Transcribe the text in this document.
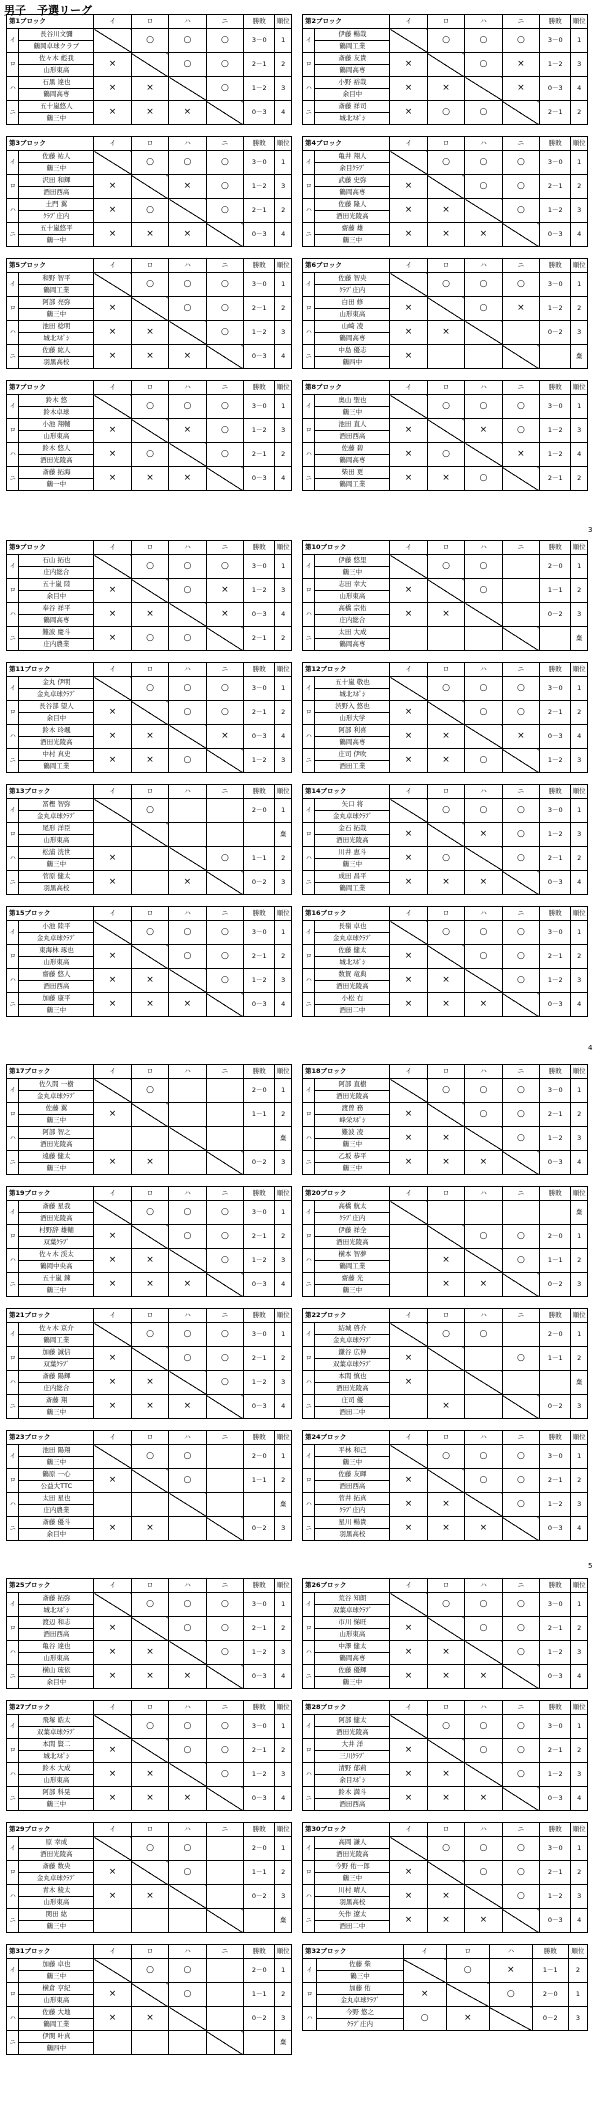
男子　予選リーグ
第1ブロック		イ	ロ	ハ	ニ	勝敗	順位
イ	長谷川文彌		○	○	○	3－0	1
	鶴岡卓球クラブ						
ロ	佐々木 彪我	×		○	○	2－1	2
	山形東高						
ハ	石黒 達也	×	×		○	1－2	3
	鶴岡高専						
ニ	五十嵐悠人	×	×	×		0－3	4
	鶴三中						
第2ブロック		イ	ロ	ハ	ニ	勝敗	順位
イ	伊藤 暢哉		○	○	○	3－0	1
	鶴岡工業						
ロ	斎藤 友貴	×		○	×	1－2	3
	鶴岡高専						
ハ	小野 裕哉	×	×		×	0－3	4
	余目中						
ニ	斎藤 祥司	×	○	○		2－1	2
	城北ｽﾎﾟｼ						
第3ブロック		イ	ロ	ハ	ニ	勝敗	順位
イ	佐藤 祐人		○	○	○	3－0	1
	鶴三中						
ロ	沢田 和輝	×		×	○	1－2	3
	酒田西高						
ハ	土門 翼	×	○		○	2－1	2
	ｸﾗﾌﾞ庄内						
ニ	五十嵐悠平	×	×	×		0－3	4
	鶴一中						
第4ブロック		イ	ロ	ハ	ニ	勝敗	順位
イ	亀井 翔人		○	○	○	3－0	1
	余目ｸﾗﾌﾞ						
ロ	武藤 史弥	×		○	○	2－1	2
	鶴岡高専						
ハ	佐藤 隆人	×	×		○	1－2	3
	酒田光陵高						
ニ	齋藤 雄	×	×	×		0－3	4
	鶴三中						
第5ブロック		イ	ロ	ハ	ニ	勝敗	順位
イ	和野 智平		○	○	○	3－0	1
	鶴岡工業						
ロ	阿部 亮弥	×		○	○	2－1	2
	鶴三中						
ハ	池田 稔明	×	×		○	1－2	3
	城北ｽﾎﾟｼ						
ニ	佐藤 紘人	×	×	×		0－3	4
	羽黒高校						
第6ブロック		イ	ロ	ハ	ニ	勝敗	順位
イ	佐藤 智央		○	○	○	3－0	1
	ｸﾗﾌﾞ庄内						
ロ	白田 修	×		○	×	1－2	2
	山形東高						
ハ	山崎 凌	×	×			0－2	3
	鶴岡高専						
ニ	中島 優志	×					棄
	鶴四中						
第7ブロック		イ	ロ	ハ	ニ	勝敗	順位
イ	鈴木 悠		○	○	○	3－0	1
	鈴木卓球						
ロ	小池 翔輔	×		×	○	1－2	3
	山形東高						
ハ	鈴木 悠人	×	○		○	2－1	2
	酒田光陵高						
ニ	斎藤 拓海	×	×	×		0－3	4
	鶴一中						
第8ブロック		イ	ロ	ハ	ニ	勝敗	順位
イ	奥山 聖也		○	○	○	3－0	1
	鶴三中						
ロ	池田 直人	×		×	○	1－2	3
	酒田西高						
ハ	佐藤 碧	×	○		×	1－2	4
	鶴岡高専						
ニ	柴田 更	×	×	○		2－1	2
	鶴岡工業						
第9ブロック		イ	ロ	ハ	ニ	勝敗	順位
イ	石山 拓也		○	○	○	3－0	1
	庄内総合						
ロ	五十嵐 陸	×		○	×	1－2	3
	余目中						
ハ	奉谷 祥平	×	×		×	0－3	4
	鶴岡高専						
ニ	難波 慶斗	×	○	○		2－1	2
	庄内農業						
第10ブロック		イ	ロ	ハ	ニ	勝敗	順位
イ	伊藤 悠里		○	○		2－0	1
	鶴三中						
ロ	志田 幸大	×		○		1－1	2
	山形東高						
ハ	高橋 宗佑	×	×			0－2	3
	庄内総合						
ニ	太田 大成						棄
	鶴岡高専						
第11ブロック		イ	ロ	ハ	ニ	勝敗	順位
イ	金丸 伊明		○	○	○	3－0	1
	金丸卓球ｸﾗﾌﾞ						
ロ	長谷部 望人	×		○	○	2－1	2
	余目中						
ハ	鈴木 玲颯	×	×		×	0－3	4
	酒田光陵高						
ニ	中村 真史	×	×	○		1－2	3
	鶴岡工業						
第12ブロック		イ	ロ	ハ	ニ	勝敗	順位
イ	五十嵐 敬也		○	○	○	3－0	1
	城北ｽﾎﾟｼ						
ロ	渋野入 悠也	×		○	○	2－1	2
	山形大学						
ハ	阿部 利喜	×	×		×	0－3	4
	鶴岡高専						
ニ	庄司 伊吹	×	×	○		1－2	3
	酒田工業						
第13ブロック		イ	ロ	ハ	ニ	勝敗	順位
イ	冨樫 智弥		○			2－0	1
	金丸卓球ｸﾗﾌﾞ						
ロ	尾形 洋臣						棄
	山形東高						
ハ	松浦 洸世	×			○	1－1	2
	鶴三中						
ニ	菅原 健太	×		×		0－2	3
	羽黒高校						
第14ブロック		イ	ロ	ハ	ニ	勝敗	順位
イ	矢口 将		○	○	○	3－0	1
	金丸卓球ｸﾗﾌﾞ						
ロ	金石 拓哉	×		×	○	1－2	3
	酒田光陵高						
ハ	川井 恵斗	×	○		○	2－1	2
	鶴三中						
ニ	成田 昌平	×	×	×		0－3	4
	鶴岡工業						
第15ブロック		イ	ロ	ハ	ニ	勝敗	順位
イ	小池 陸平		○	○	○	3－0	1
	金丸卓球ｸﾗﾌﾞ						
ロ	東海林 琢也	×		○	○	2－1	2
	山形東高						
ハ	齋藤 悠人	×	×		○	1－2	3
	酒田西高						
ニ	加藤 康平	×	×	×		0－3	4
	鶴三中						
第16ブロック		イ	ロ	ハ	ニ	勝敗	順位
イ	長嶺 卓也		○	○	○	3－0	1
	金丸卓球ｸﾗﾌﾞ						
ロ	佐藤 健太	×		○	○	2－1	2
	城北ｽﾎﾟｼ						
ハ	数賀 竜典	×	×		○	1－2	3
	酒田光陵高						
ニ	小松 右	×	×	×		0－3	4
	酒田二中						
第17ブロック		イ	ロ	ハ	ニ	勝敗	順位
イ	佐久間 一樹		○			2－0	1
	金丸卓球ｸﾗﾌﾞ						
ロ	佐藤 翼	×				1－1	2
	鶴三中						
ハ	阿部 智之						棄
	酒田光陵高						
ニ	遠藤 健太	×	×			0－2	3
	鶴三中						
第18ブロック		イ	ロ	ハ	ニ	勝敗	順位
イ	阿部 直樹		○	○	○	3－0	1
	酒田光陵高						
ロ	渡曽 務	×		○	○	2－1	2
	峰栄ｽﾎﾟｼ						
ハ	難波 凌	×	×		○	1－2	3
	鶴三中						
ニ	乙坂 恭平	×	×	×		0－3	4
	鶴三中						
第19ブロック		イ	ロ	ハ	ニ	勝敗	順位
イ	斎藤 星我		○	○	○	3－0	1
	酒田光陵高						
ロ	村野辞 雄輔	×		○	○	2－1	2
	双葉ｸﾗﾌﾞ						
ハ	佐々木 渓太	×	×		○	1－2	3
	鶴岡中央高						
ニ	五十嵐 錬	×	×	×		0－3	4
	鶴三中						
第20ブロック		イ	ロ	ハ	ニ	勝敗	順位
イ	高橋 航太						棄
	ｸﾗﾌﾞ庄内						
ロ	伊藤 祥全			○	○	2－0	1
	酒田光陵高						
ハ	横本 智夢		×		○	1－1	2
	鶴岡工業						
ニ	齋藤 光		×	×		0－2	3
	鶴三中						
第21ブロック		イ	ロ	ハ	ニ	勝敗	順位
イ	佐々木 京介		○	○	○	3－0	1
	鶴岡工業						
ロ	加藤 誠信	×		○	○	2－1	2
	双葉ｸﾗﾌﾞ						
ハ	斎藤 陽輝	×	×		○	1－2	3
	庄内総合						
ニ	斎藤 翔	×	×	×		0－3	4
	鶴三中						
第22ブロック		イ	ロ	ハ	ニ	勝敗	順位
イ	結城 啓介		○	○		2－0	1
	金丸卓球ｸﾗﾌﾞ						
ロ	鎌谷 広伸	×			○	1－1	2
	双葉卓球ｸﾗﾌﾞ						
ハ	本間 慎也	×					棄
	酒田光陵高						
ニ	庄司 優		×			0－2	3
	酒田二中						
第23ブロック		イ	ロ	ハ	ニ	勝敗	順位
イ	池田 陽翔		○	○		2－0	1
	鶴三中						
ロ	鶴原 一心	×		○		1－1	2
	公益大TTC						
ハ	太田 星也						棄
	庄内農業						
ニ	斎藤 優斗	×	×			0－2	3
	余目中						
第24ブロック		イ	ロ	ハ	ニ	勝敗	順位
イ	平林 和己		○	○	○	3－0	1
	鶴三中						
ロ	佐藤 友暉	×		○	○	2－1	2
	酒田西高						
ハ	菅井 拓真	×	×		○	1－2	3
	ｸﾗﾌﾞ庄内						
ニ	星川 暢貴	×	×	×		0－3	4
	羽黒高校						
第25ブロック		イ	ロ	ハ	ニ	勝敗	順位
イ	斎藤 拓弥		○	○	○	3－0	1
	城北ｽﾎﾟｼ						
ロ	渡辺 和志	×		○	○	2－1	2
	酒田西高						
ハ	亀谷 達也	×	×		○	1－2	3
	山形東高						
ニ	横山 琉依	×	×	×		0－3	4
	余目中						
第26ブロック		イ	ロ	ハ	ニ	勝敗	順位
イ	荒谷 知朗		○	○	○	3－0	1
	双葉卓球ｸﾗﾌﾞ						
ロ	市川 悌旺	×		○	○	2－1	2
	山形東高						
ハ	中澤 健太	×	×		○	1－2	3
	鶴岡高専						
ニ	佐藤 優輝	×	×	×		0－3	4
	鶴三中						
第27ブロック		イ	ロ	ハ	ニ	勝敗	順位
イ	飛塚 皓太		○	○	○	3－0	1
	双葉卓球ｸﾗﾌﾞ						
ロ	本間 賢二	×		○	○	2－1	2
	城北ｽﾎﾟｼ						
ハ	鈴木 大成	×	×		○	1－2	3
	山形東高						
ニ	阿部 科晃	×	×	×		0－3	4
	鶴三中						
第28ブロック		イ	ロ	ハ	ニ	勝敗	順位
イ	阿部 健太		○	○	○	3－0	1
	酒田光陵高						
ロ	大井 洋	×		○	○	2－1	2
	三川ｸﾗﾌﾞ						
ハ	清野 郁莉	×	×		○	1－2	3
	余目ｽﾎﾟｼ						
ニ	鈴木 満斗	×	×	×		0－3	4
	酒田西高						
第29ブロック		イ	ロ	ハ	ニ	勝敗	順位
イ	原 幸成		○	○		2－0	1
	酒田光陵高						
ロ	斎藤 数央	×		○		1－1	2
	金丸卓球ｸﾗﾌﾞ						
ハ	青木 稜太	×	×			0－2	3
	山形東高						
ニ	関田 紘						棄
	鶴三中						
第30ブロック		イ	ロ	ハ	ニ	勝敗	順位
イ	高岡 謙人		○	○	○	3－0	1
	酒田光陵高						
ロ	今野 佑一郎	×		○	○	2－1	2
	鶴三中						
ハ	川村 晴人	×	×		○	1－2	3
	羽黒高校						
ニ	矢作 遼太	×	×	×		0－3	4
	酒田二中						
第31ブロック		イ	ロ	ハ	ニ	勝敗	順位
イ	加藤 卓也		○	○		2－0	1
	鶴三中						
ロ	横倉 亨紀	×		○		1－1	2
	山形東高						
ハ	佐藤 大地	×	×			0－2	3
	鶴岡工業						
ニ	伊関 叶真						棄
	鶴四中						
第32ブロック		イ	ロ	ハ	勝敗	順位
イ	佐藤 柴		○	×	1－1	2
	鶴三中					
ロ	加藤 佑	×		○	2－0	1
	金丸卓球ｸﾗﾌﾞ					
ハ	今野 悠之	○	×		0－2	3
	ｸﾗﾌﾞ庄内					
3
4
5
